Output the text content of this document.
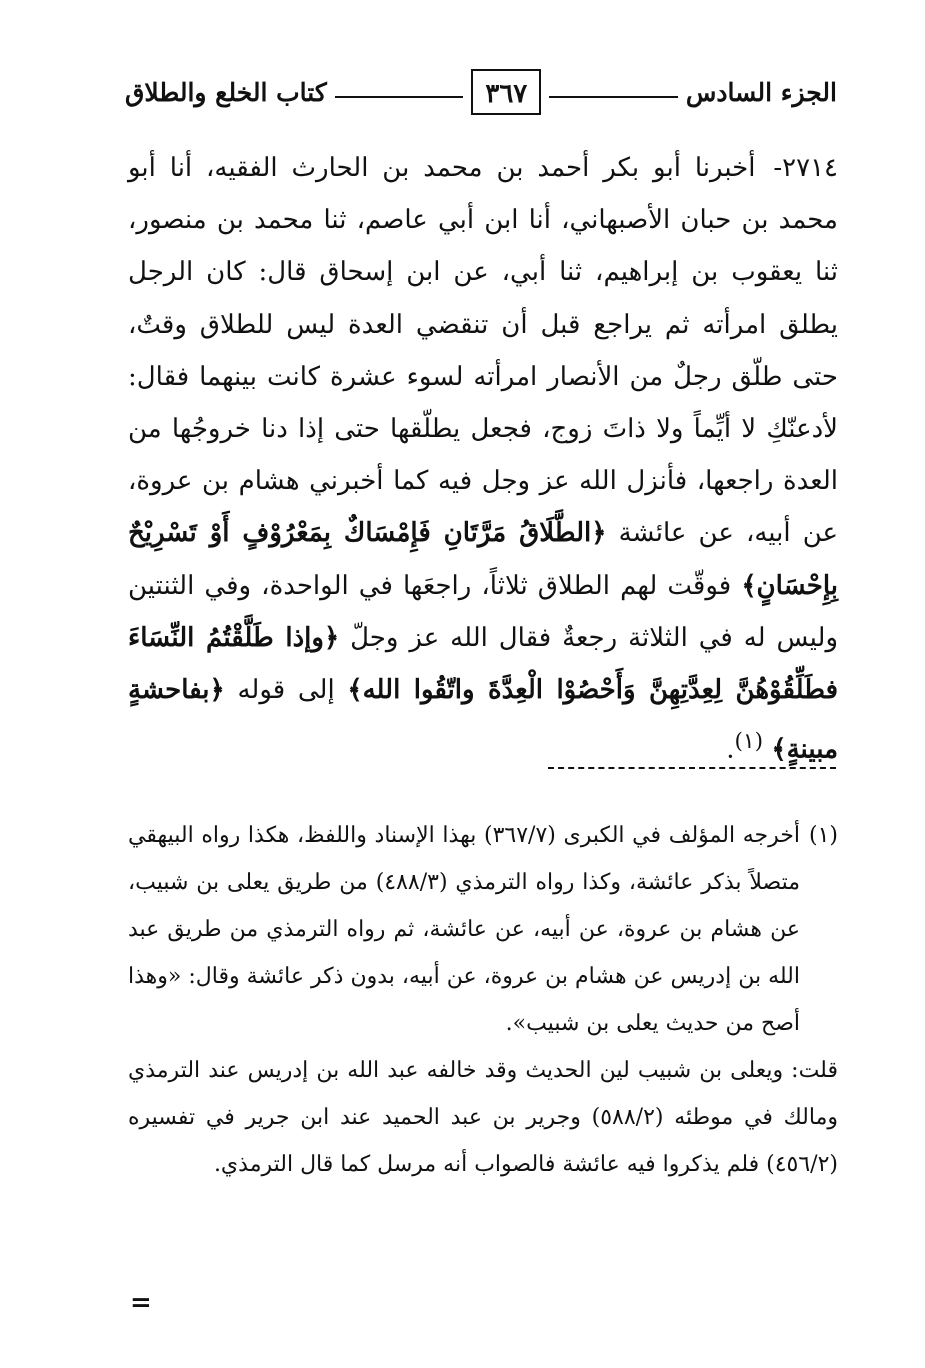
الجزء السادس
٣٦٧
كتاب الخلع والطلاق

٢٧١٤- أخبرنا أبو بكر أحمد بن محمد بن الحارث الفقيه، أنا أبو محمد بن حبان الأصبهاني، أنا ابن أبي عاصم، ثنا محمد بن منصور، ثنا يعقوب بن إبراهيم، ثنا أبي، عن ابن إسحاق قال: كان الرجل يطلق امرأته ثم يراجع قبل أن تنقضي العدة ليس للطلاق وقتٌ، حتى طلّق رجلٌ من الأنصار امرأته لسوء عشرة كانت بينهما فقال: لأدعنّكِ لا أيِّماً ولا ذاتَ زوج، فجعل يطلّقها حتى إذا دنا خروجُها من العدة راجعها، فأنزل الله عز وجل فيه كما أخبرني هشام بن عروة، عن أبيه، عن عائشة ﴿الطَّلَاقُ مَرَّتَانِ فَإِمْسَاكٌ بِمَعْرُوْفٍ أَوْ تَسْرِيْحٌ بِإِحْسَانٍ﴾ فوقّت لهم الطلاق ثلاثاً، راجعَها في الواحدة، وفي الثنتين وليس له في الثلاثة رجعةٌ فقال الله عز وجلّ ﴿وإذا طَلَّقْتُمُ النِّسَاءَ فطَلِّقُوْهُنَّ لِعِدَّتِهِنَّ وَأَحْصُوْا الْعِدَّةَ واتّقُوا الله﴾ إلى قوله ﴿بفاحشةٍ مبينةٍ﴾ $^{(١)}$.

(١)
أخرجه المؤلف في الكبرى (٣٦٧/٧) بهذا الإسناد واللفظ، هكذا رواه البيهقي متصلاً بذكر عائشة، وكذا رواه الترمذي (٤٨٨/٣) من طريق يعلى بن شبيب، عن هشام بن عروة، عن أبيه، عن عائشة، ثم رواه الترمذي من طريق عبد الله بن إدريس عن هشام بن عروة، عن أبيه، بدون ذكر عائشة وقال: «وهذا أصح من حديث يعلى بن شبيب».

قلت: ويعلى بن شبيب لين الحديث وقد خالفه عبد الله بن إدريس عند الترمذي ومالك في موطئه (٥٨٨/٢) وجرير بن عبد الحميد عند ابن جرير في تفسيره (٤٥٦/٢) فلم يذكروا فيه عائشة فالصواب أنه مرسل كما قال الترمذي.

=
